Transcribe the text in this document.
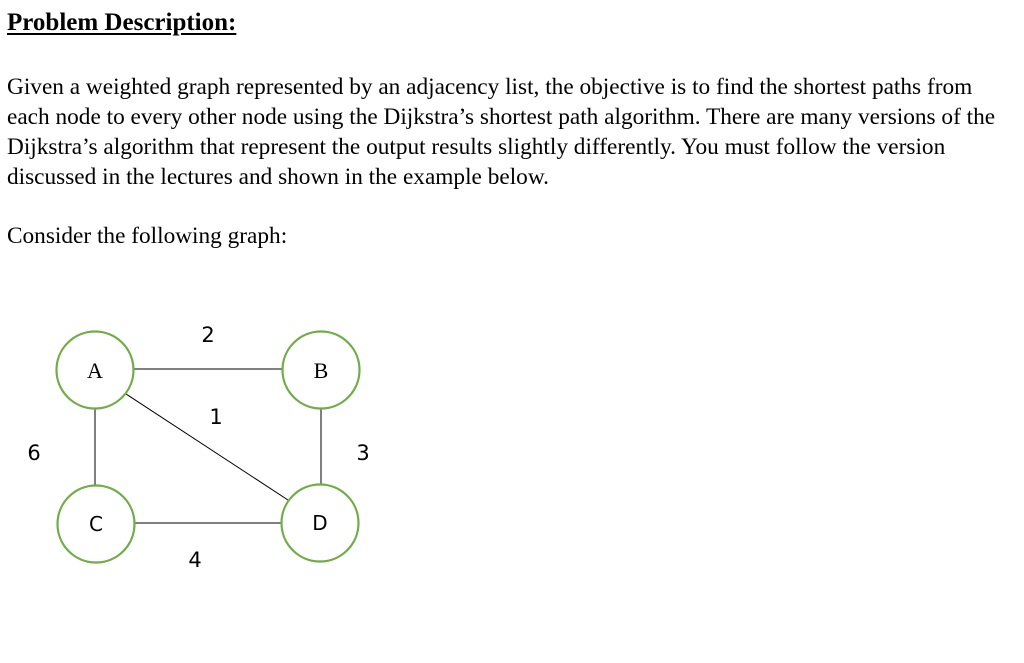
Problem Description:

Given a weighted graph represented by an adjacency list, the objective is to find the shortest paths from each node to every other node using the Dijkstra’s shortest path algorithm. There are many versions of the Dijkstra’s algorithm that represent the output results slightly differently. You must follow the version discussed in the lectures and shown in the example below.

Consider the following graph:

A	B
C	D
2
1
6	3
4
